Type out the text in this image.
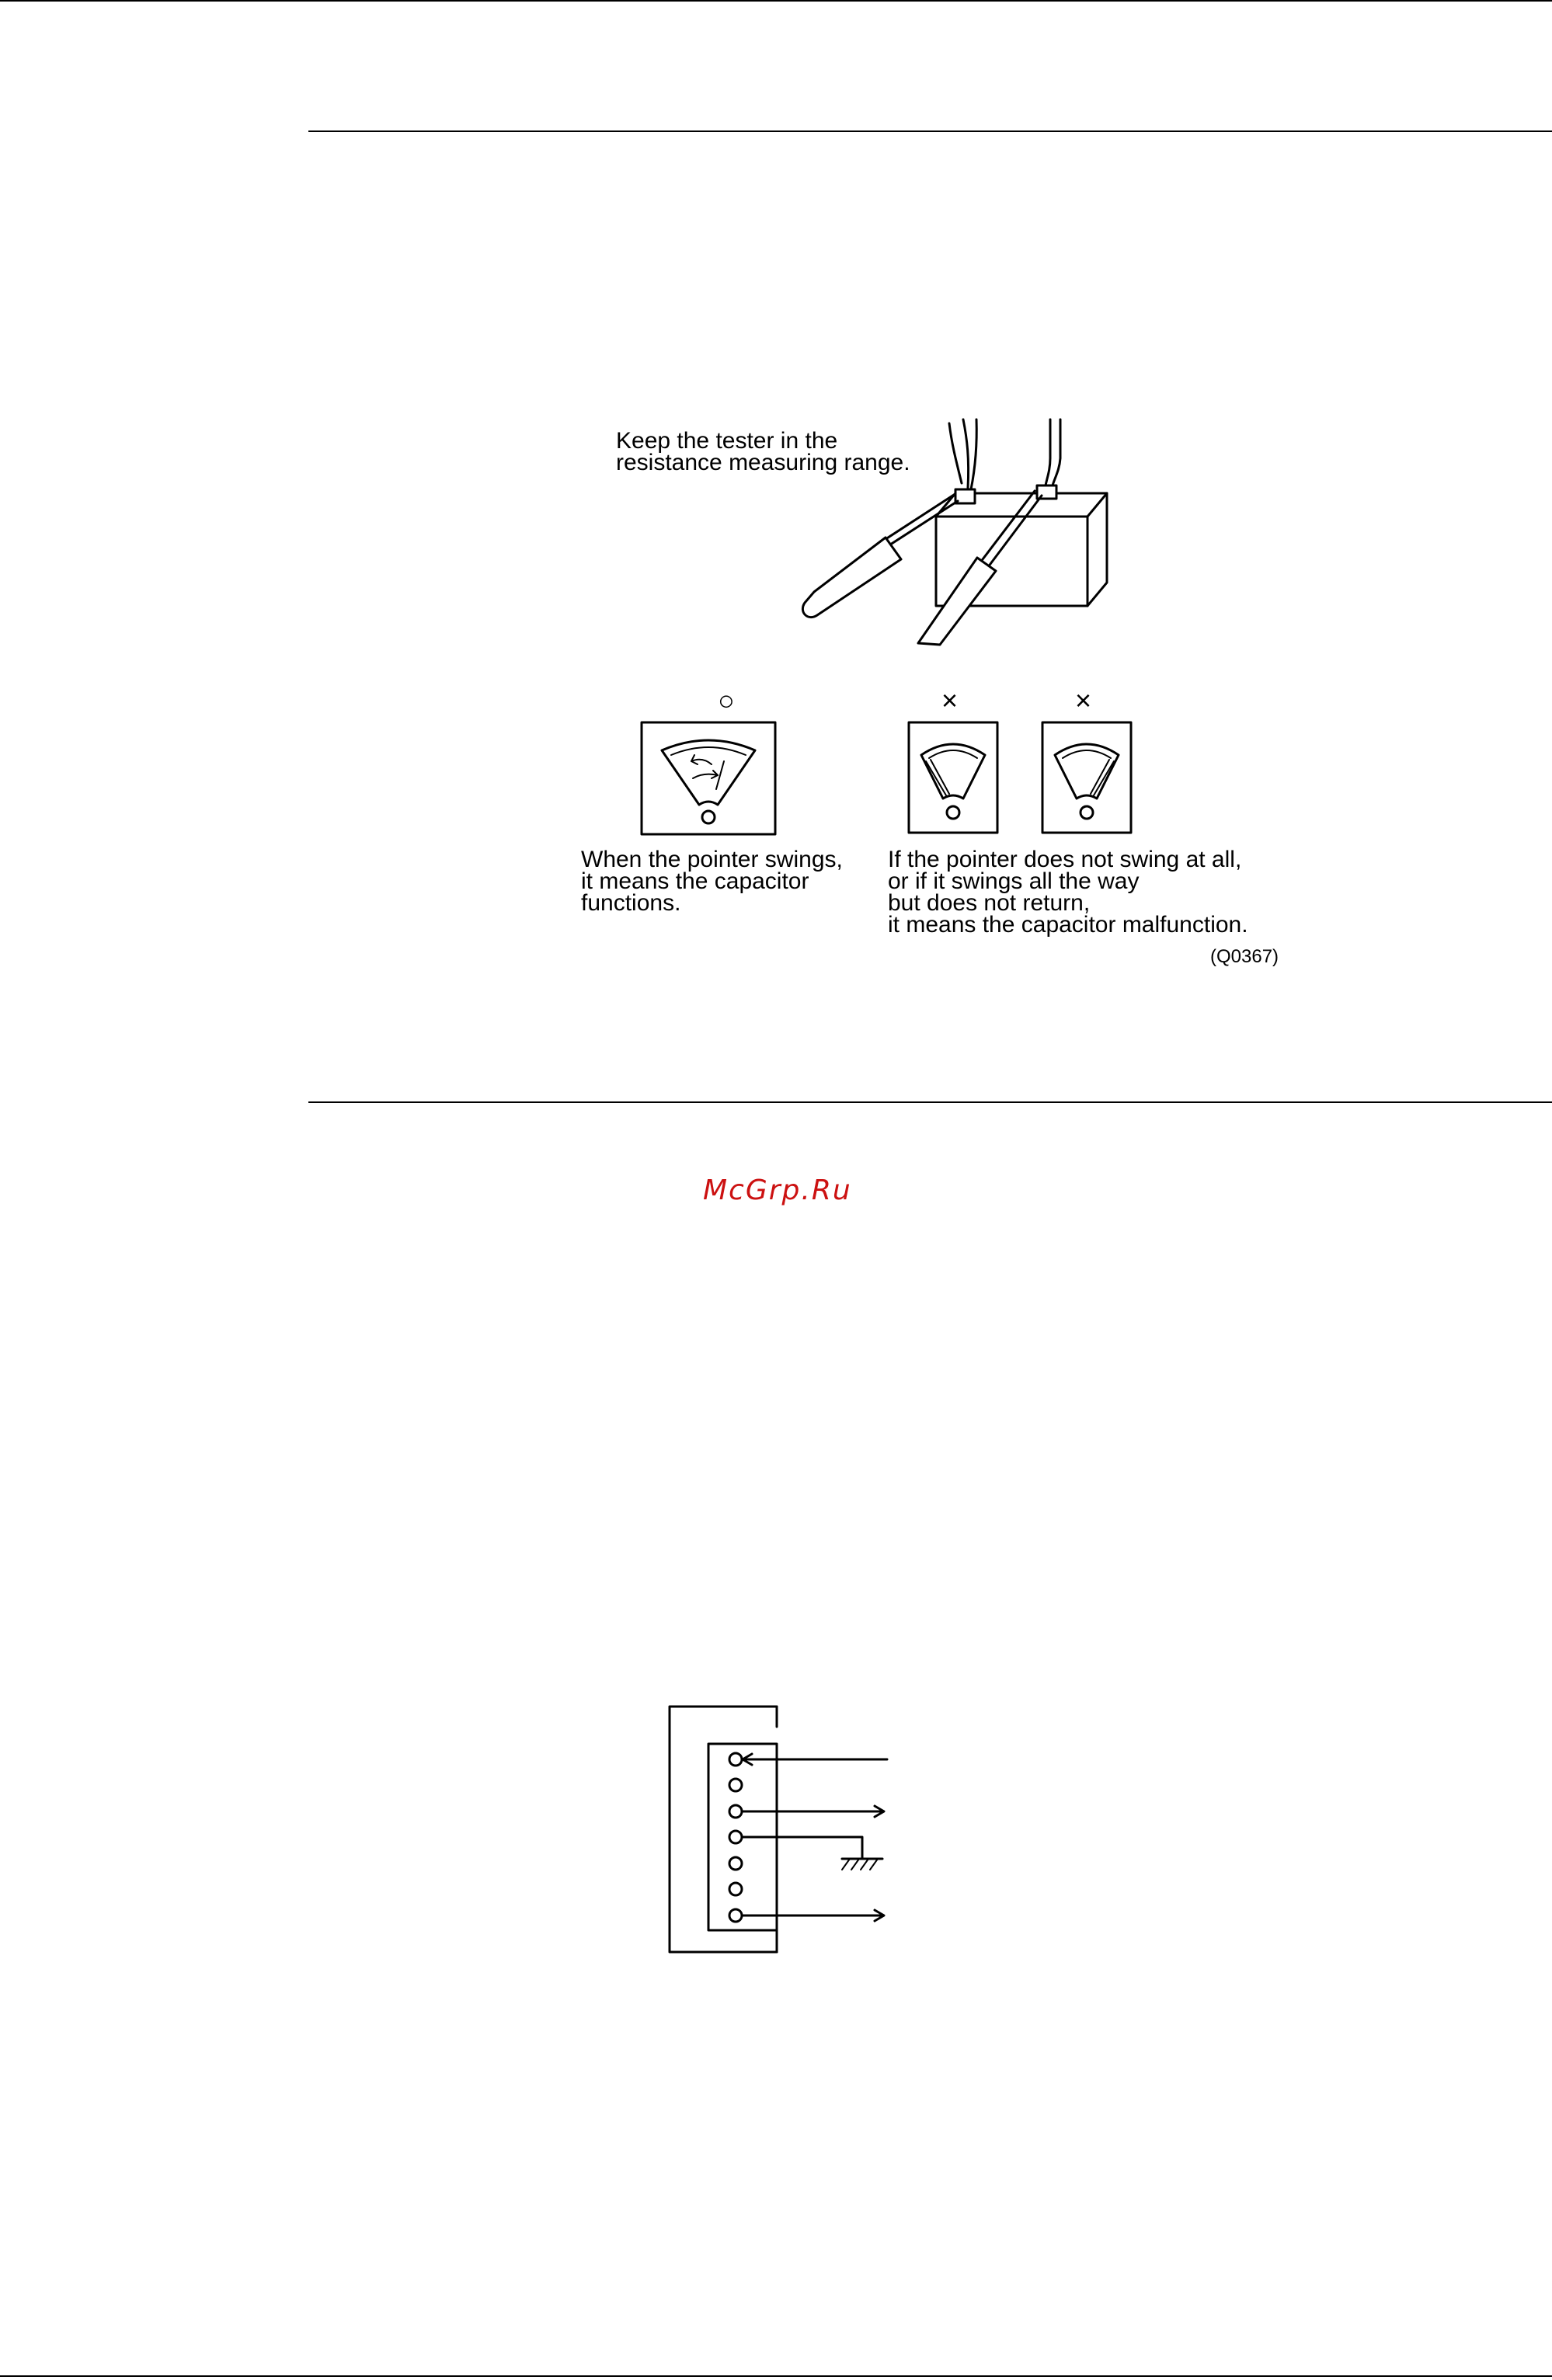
Keep the tester in the
resistance measuring range.
○	×	×
When the pointer swings,
it means the capacitor
functions.
If the pointer does not swing at all,
or if it swings all the way
but does not return,
it means the capacitor malfunction.
(Q0367)
McGrp.Ru
